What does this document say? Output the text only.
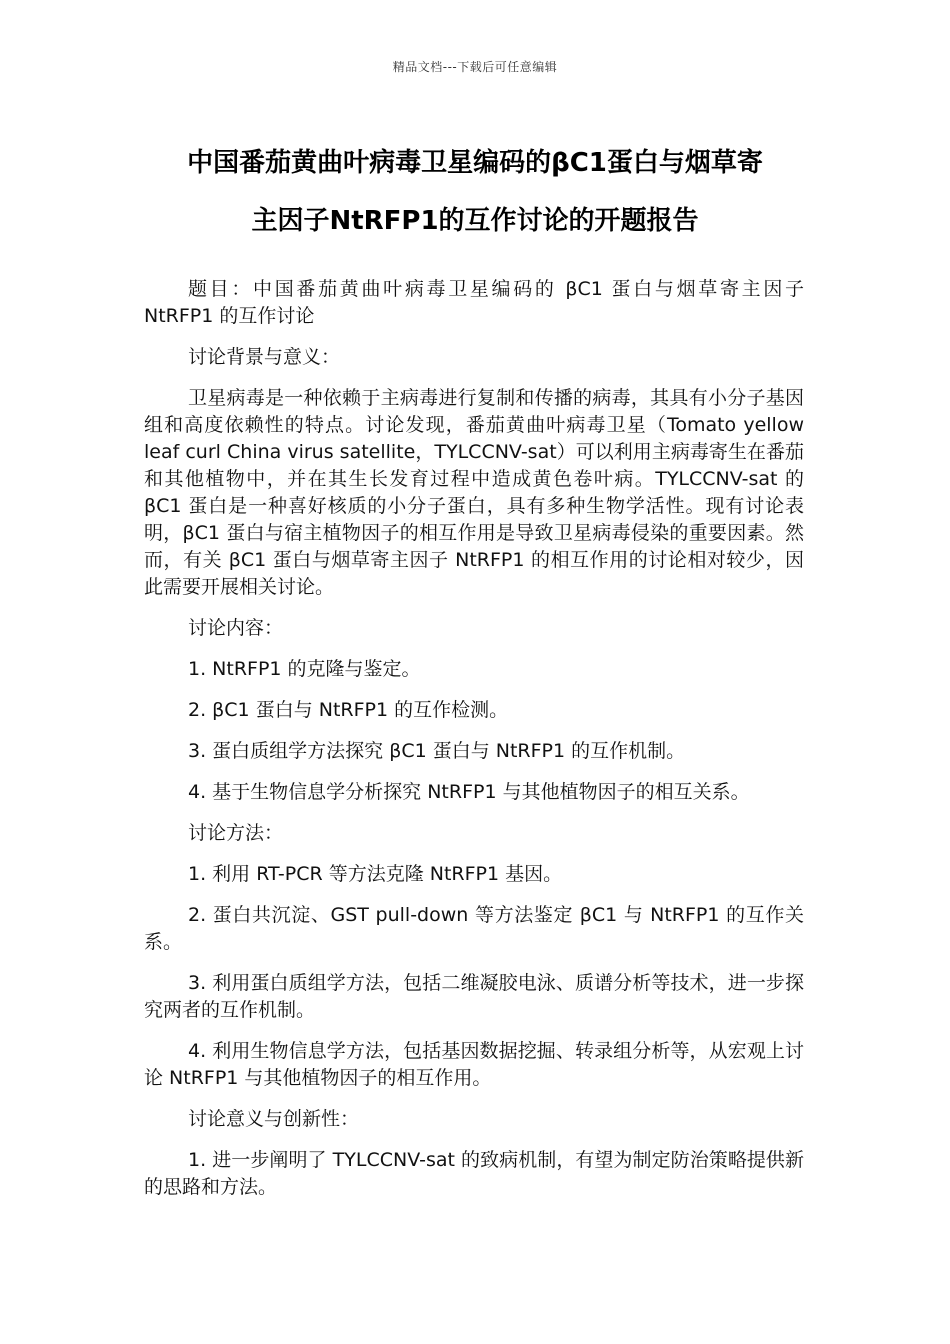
精品文档---下载后可任意编辑
中国番茄黄曲叶病毒卫星编码的βC1蛋白与烟草寄
主因子NtRFP1的互作讨论的开题报告

题目：中国番茄黄曲叶病毒卫星编码的 βC1 蛋白与烟草寄主因子 NtRFP1 的互作讨论

讨论背景与意义：

卫星病毒是一种依赖于主病毒进行复制和传播的病毒，其具有小分子基因组和高度依赖性的特点。讨论发现，番茄黄曲叶病毒卫星（Tomato yellow leaf curl China virus satellite，TYLCCNV-sat）可以利用主病毒寄生在番茄和其他植物中，并在其生长发育过程中造成黄色卷叶病。TYLCCNV-sat 的 βC1 蛋白是一种喜好核质的小分子蛋白，具有多种生物学活性。现有讨论表明，βC1 蛋白与宿主植物因子的相互作用是导致卫星病毒侵染的重要因素。然而，有关 βC1 蛋白与烟草寄主因子 NtRFP1 的相互作用的讨论相对较少，因此需要开展相关讨论。

讨论内容：

1. NtRFP1 的克隆与鉴定。

2. βC1 蛋白与 NtRFP1 的互作检测。

3. 蛋白质组学方法探究 βC1 蛋白与 NtRFP1 的互作机制。

4. 基于生物信息学分析探究 NtRFP1 与其他植物因子的相互关系。

讨论方法：

1. 利用 RT-PCR 等方法克隆 NtRFP1 基因。

2. 蛋白共沉淀、GST pull-down 等方法鉴定 βC1 与 NtRFP1 的互作关系。

3. 利用蛋白质组学方法，包括二维凝胶电泳、质谱分析等技术，进一步探究两者的互作机制。

4. 利用生物信息学方法，包括基因数据挖掘、转录组分析等，从宏观上讨论 NtRFP1 与其他植物因子的相互作用。

讨论意义与创新性：

1. 进一步阐明了 TYLCCNV-sat 的致病机制，有望为制定防治策略提供新的思路和方法。
